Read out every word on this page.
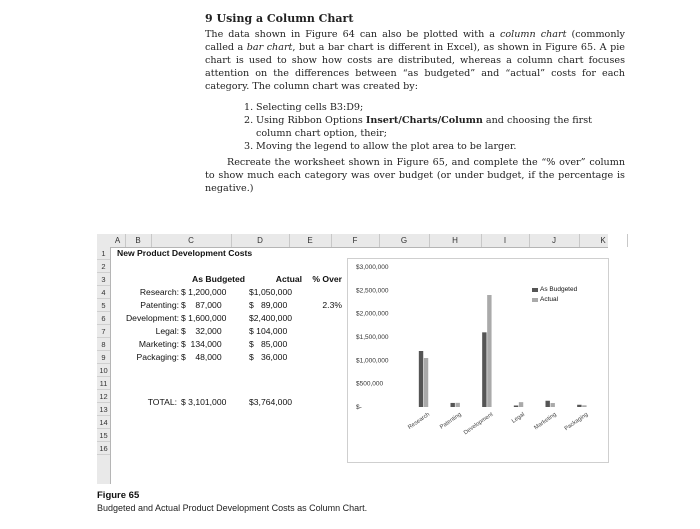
9 Using a Column Chart
The data shown in Figure 64 can also be plotted with a column chart (commonly called a bar chart, but a bar chart is different in Excel), as shown in Figure 65. A pie chart is used to show how costs are distributed, whereas a column chart focuses attention on the differences between “as budgeted” and “actual” costs for each category. The column chart was created by:
1. Selecting cells B3:D9;
2. Using Ribbon Options Insert/Charts/Column and choosing the first column chart option, their;
3. Moving the legend to allow the plot area to be larger.
Recreate the worksheet shown in Figure 65, and complete the “% over” column to show much each category was over budget (or under budget, if the percentage is negative.)
A	B	C	D	E	F	G	H	I	J	K
1
2
3
4
5
6
7
8
9
10
11
12
13
14
15
16
New Product Development Costs
As Budgeted	Actual	% Over
Research: $ 1,200,000	$1,050,000
Patenting: $    87,000	$   89,000	2.3%
Development: $ 1,600,000	$2,400,000
Legal: $    32,000	$ 104,000
Marketing: $  134,000	$   85,000
Packaging: $    48,000	$   36,000
TOTAL: $ 3,101,000	$3,764,000
$-
$500,000
$1,000,000
$1,500,000
$2,000,000
$2,500,000
$3,000,000
Research Patenting Development	Legal Marketing Packaging
As Budgeted
Actual
Figure 65
Budgeted and Actual Product Development Costs as Column Chart.
